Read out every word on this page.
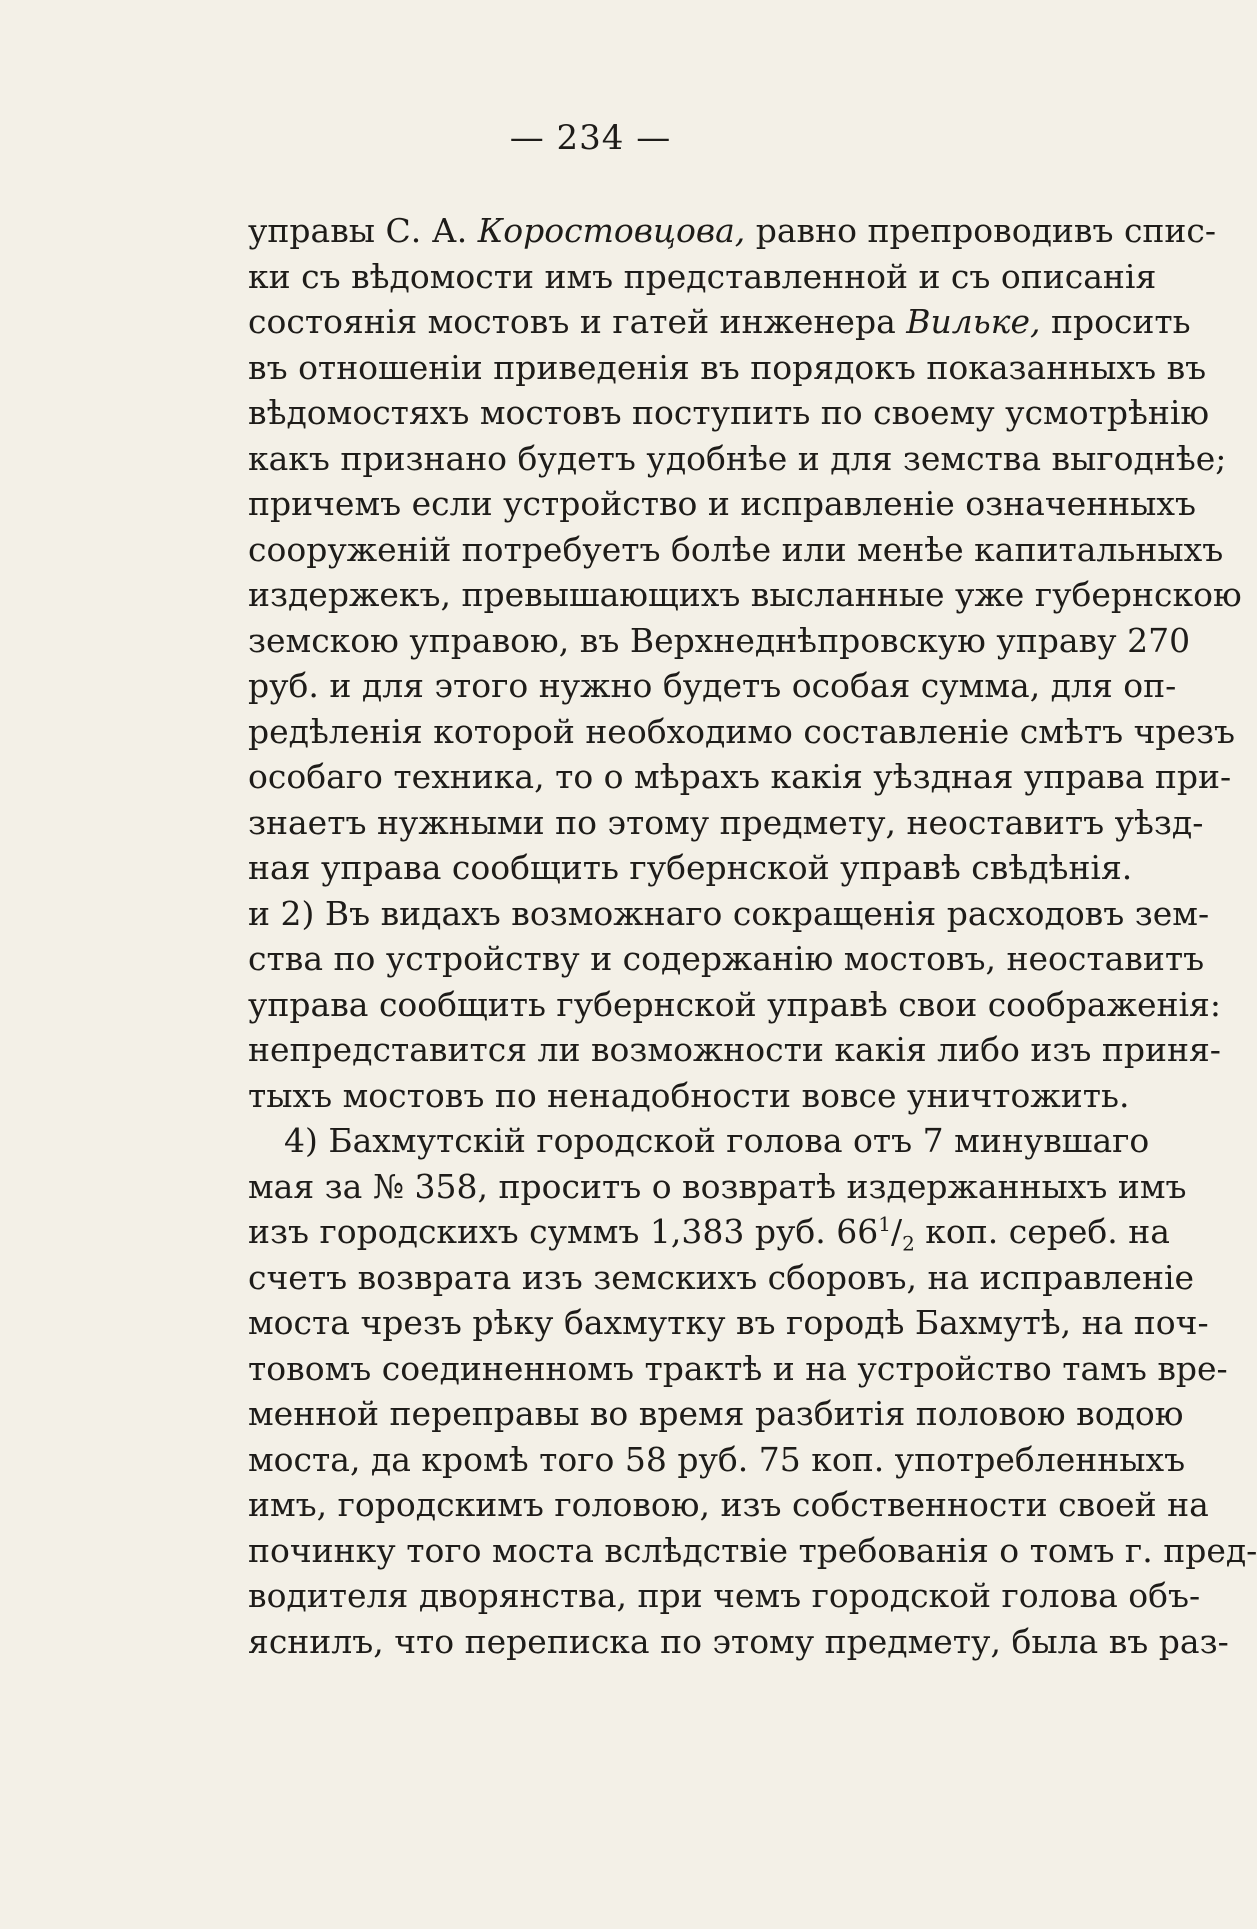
— 234 —
управы С. А. Коростовцова, равно препроводивъ спис-
ки съ вѣдомости имъ представленной и съ описанія
состоянія мостовъ и гатей инженера Вильке, просить
въ отношеніи приведенія въ порядокъ показанныхъ въ
вѣдомостяхъ мостовъ поступить по своему усмотрѣнію
какъ признано будетъ удобнѣе и для земства выгоднѣе;
причемъ если устройство и исправленіе означенныхъ
сооруженій потребуетъ болѣе или менѣе капитальныхъ
издержекъ, превышающихъ высланные уже губернскою
земскою управою, въ Верхнеднѣпровскую управу 270
руб. и для этого нужно будетъ особая сумма, для оп-
редѣленія которой необходимо составленіе смѣтъ чрезъ
особаго техника, то о мѣрахъ какія уѣздная управа при-
знаетъ нужными по этому предмету, неоставитъ уѣзд-
ная управа сообщить губернской управѣ свѣдѣнія.
и 2) Въ видахъ возможнаго сокращенія расходовъ зем-
ства по устройству и содержанію мостовъ, неоставитъ
управа сообщить губернской управѣ свои соображенія:
непредставится ли возможности какія либо изъ приня-
тыхъ мостовъ по ненадобности вовсе уничтожить.
4) Бахмутскій городской голова отъ 7 минувшаго
мая за № 358, проситъ о возвратѣ издержанныхъ имъ
изъ городскихъ суммъ 1,383 руб. $66^1/_2$ коп. сереб. на
счетъ возврата изъ земскихъ сборовъ, на исправленіе
моста чрезъ рѣку бахмутку въ городѣ Бахмутѣ, на поч-
товомъ соединенномъ трактѣ и на устройство тамъ вре-
менной переправы во время разбитія половою водою
моста, да кромѣ того 58 руб. 75 коп. употребленныхъ
имъ, городскимъ головою, изъ собственности своей на
починку того моста вслѣдствіе требованія о томъ г. пред-
водителя дворянства, при чемъ городской голова объ-
яснилъ, что переписка по этому предмету, была въ раз-
